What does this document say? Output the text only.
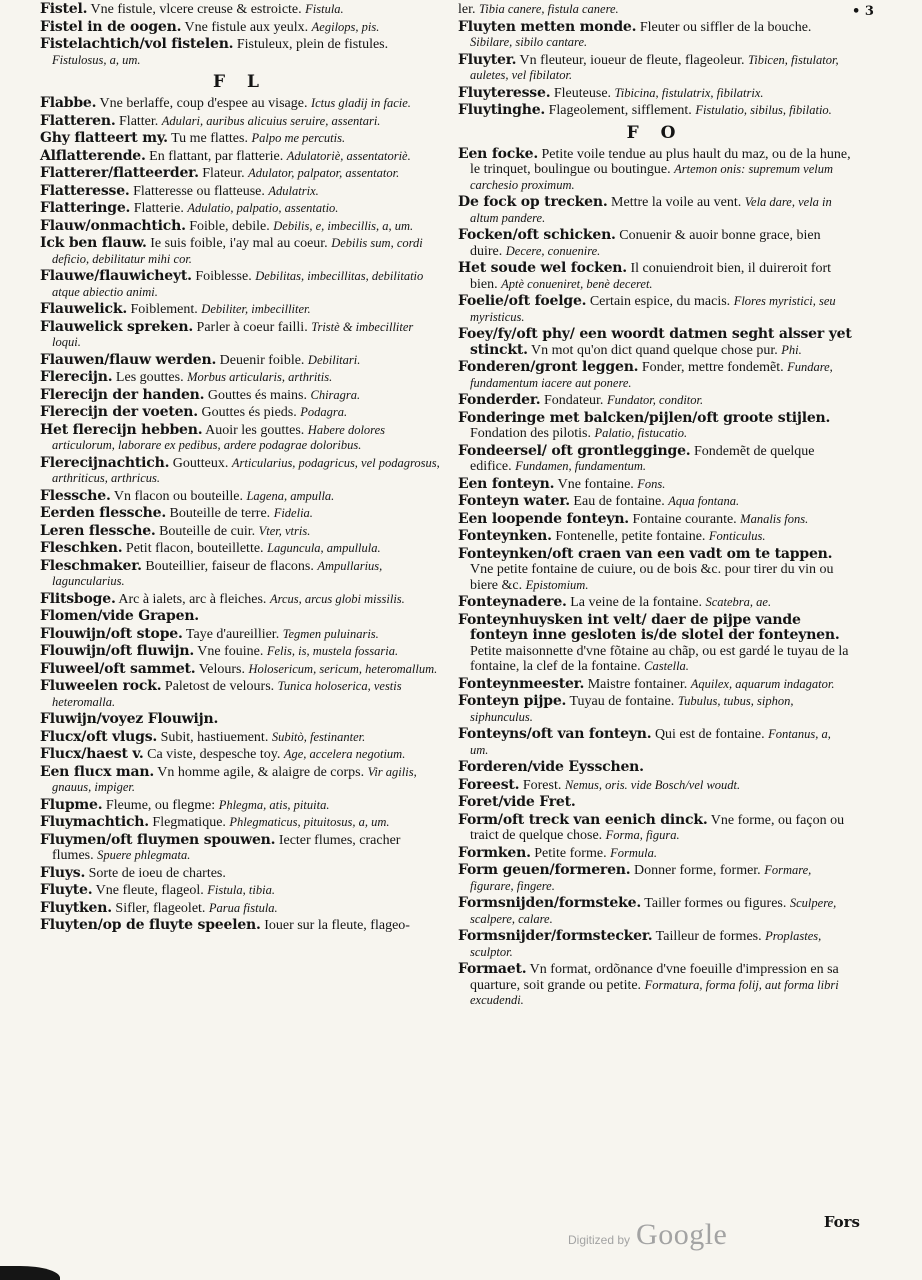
• 3
Fistel. Vne fistule, vlcere creuse & estroicte. Fistula.
Fistel in de oogen. Vne fistule aux yeulx. Aegilops, pis.
Fistelachtich/vol fistelen. Fistuleux, plein de fistules. Fistulosus, a, um.
F L
Flabbe. Vne berlaffe, coup d'espee au visage. Ictus gladij in facie.
Flatteren. Flatter. Adulari, auribus alicuius seruire, assentari.
Ghy flatteert my. Tu me flattes. Palpo me percutis.
Alflatterende. En flattant, par flatterie. Adulatoriè, assentatoriè.
Flatterer/flatteerder. Flateur. Adulator, palpator, assentator.
Flatteresse. Flatteresse ou flatteuse. Adulatrix.
Flatteringe. Flatterie. Adulatio, palpatio, assentatio.
Flauw/onmachtich. Foible, debile. Debilis, e, imbecillis, a, um.
Ick ben flauw. Ie suis foible, i'ay mal au coeur. Debilis sum, cordi deficio, debilitatur mihi cor.
Flauwe/flauwicheyt. Foiblesse. Debilitas, imbecillitas, debilitatio atque abiectio animi.
Flauwelick. Foiblement. Debiliter, imbecilliter.
Flauwelick spreken. Parler à coeur failli. Tristè & imbecilliter loqui.
Flauwen/flauw werden. Deuenir foible. Debilitari.
Flerecijn. Les gouttes. Morbus articularis, arthritis.
Flerecijn der handen. Gouttes és mains. Chiragra.
Flerecijn der voeten. Gouttes és pieds. Podagra.
Het flerecijn hebben. Auoir les gouttes. Habere dolores articulorum, laborare ex pedibus, ardere podagrae doloribus.
Flerecijnachtich. Goutteux. Articularius, podagricus, vel podagrosus, arthriticus, arthricus.
Flessche. Vn flacon ou bouteille. Lagena, ampulla.
Eerden flessche. Bouteille de terre. Fidelia.
Leren flessche. Bouteille de cuir. Vter, vtris.
Fleschken. Petit flacon, bouteillette. Laguncula, ampullula.
Fleschmaker. Bouteillier, faiseur de flacons. Ampullarius, laguncularius.
Flitsboge. Arc à ialets, arc à fleiches. Arcus, arcus globi missilis.
Flomen/vide Grapen.
Flouwijn/oft stope. Taye d'aureillier. Tegmen puluinaris.
Flouwijn/oft fluwijn. Vne fouine. Felis, is, mustela fossaria.
Fluweel/oft sammet. Velours. Holosericum, sericum, heteromallum.
Fluweelen rock. Paletost de velours. Tunica holoserica, vestis heteromalla.
Fluwijn/voyez Flouwijn.
Flucx/oft vlugs. Subit, hastiuement. Subitò, festinanter.
Flucx/haest v. Ca viste, despesche toy. Age, accelera negotium.
Een flucx man. Vn homme agile, & alaigre de corps. Vir agilis, gnauus, impiger.
Flupme. Fleume, ou flegme: Phlegma, atis, pituita.
Fluymachtich. Flegmatique. Phlegmaticus, pituitosus, a, um.
Fluymen/oft fluymen spouwen. Iecter flumes, cracher flumes. Spuere phlegmata.
Fluys. Sorte de ioeu de chartes.
Fluyte. Vne fleute, flageol. Fistula, tibia.
Fluytken. Sifler, flageolet. Parua fistula.
Fluyten/op de fluyte speelen. Iouer sur la fleute, flageo-
ler. Tibia canere, fistula canere.
Fluyten metten monde. Fleuter ou siffler de la bouche. Sibilare, sibilo cantare.
Fluyter. Vn fleuteur, ioueur de fleute, flageoleur. Tibicen, fistulator, auletes, vel fibilator.
Fluyteresse. Fleuteuse. Tibicina, fistulatrix, fibilatrix.
Fluytinghe. Flageolement, sifflement. Fistulatio, sibilus, fibilatio.
F O
Een focke. Petite voile tendue au plus hault du maz, ou de la hune, le trinquet, boulingue ou boutingue. Artemon onis: supremum velum carchesio proximum.
De fock op trecken. Mettre la voile au vent. Vela dare, vela in altum pandere.
Focken/oft schicken. Conuenir & auoir bonne grace, bien duire. Decere, conuenire.
Het soude wel focken. Il conuiendroit bien, il duireroit fort bien. Aptè conueniret, benè deceret.
Foelie/oft foelge. Certain espice, du macis. Flores myristici, seu myristicus.
Foey/fy/oft phy/ een woordt datmen seght alsser yet stinckt. Vn mot qu'on dict quand quelque chose pur. Phi.
Fonderen/gront leggen. Fonder, mettre fondemẽt. Fundare, fundamentum iacere aut ponere.
Fonderder. Fondateur. Fundator, conditor.
Fonderinge met balcken/pijlen/oft groote stijlen. Fondation des pilotis. Palatio, fistucatio.
Fondeersel/ oft grontlegginge. Fondemẽt de quelque edifice. Fundamen, fundamentum.
Een fonteyn. Vne fontaine. Fons.
Fonteyn water. Eau de fontaine. Aqua fontana.
Een loopende fonteyn. Fontaine courante. Manalis fons.
Fonteynken. Fontenelle, petite fontaine. Fonticulus.
Fonteynken/oft craen van een vadt om te tappen. Vne petite fontaine de cuiure, ou de bois &c. pour tirer du vin ou biere &c. Epistomium.
Fonteynadere. La veine de la fontaine. Scatebra, ae.
Fonteynhuysken int velt/ daer de pijpe vande fonteyn inne gesloten is/de slotel der fonteynen. Petite maisonnette d'vne fõtaine au chãp, ou est gardé le tuyau de la fontaine, la clef de la fontaine. Castella.
Fonteynmeester. Maistre fontainer. Aquilex, aquarum indagator.
Fonteyn pijpe. Tuyau de fontaine. Tubulus, tubus, siphon, siphunculus.
Fonteyns/oft van fonteyn. Qui est de fontaine. Fontanus, a, um.
Forderen/vide Eysschen.
Foreest. Forest. Nemus, oris. vide Bosch/vel woudt.
Foret/vide Fret.
Form/oft treck van eenich dinck. Vne forme, ou façon ou traict de quelque chose. Forma, figura.
Formken. Petite forme. Formula.
Form geuen/formeren. Donner forme, former. Formare, figurare, fingere.
Formsnijden/formsteke. Tailler formes ou figures. Sculpere, scalpere, calare.
Formsnijder/formstecker. Tailleur de formes. Proplastes, sculptor.
Formaet. Vn format, ordõnance d'vne foeuille d'impression en sa quarture, soit grande ou petite. Formatura, forma folij, aut forma libri excudendi.
Digitized by Google	Fors
